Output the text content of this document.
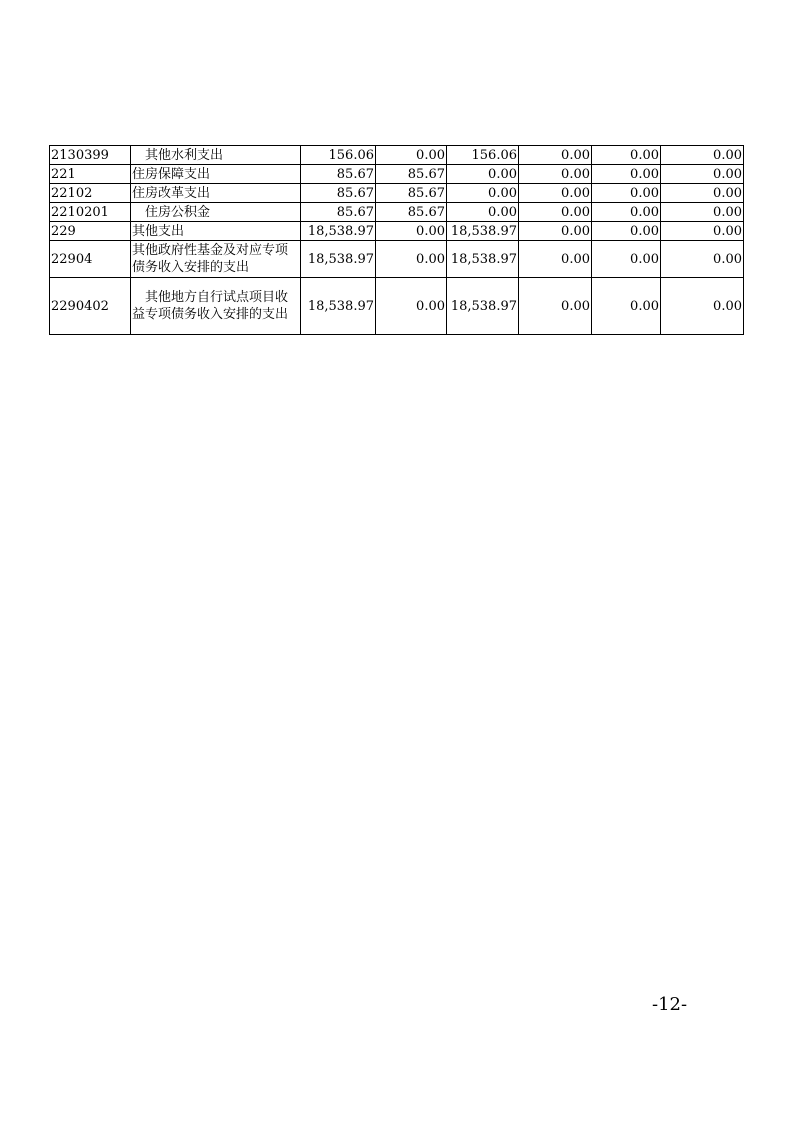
2130399	　其他水利支出	156.06	0.00	156.06	0.00	0.00	0.00
221	住房保障支出	85.67	85.67	0.00	0.00	0.00	0.00
22102	住房改革支出	85.67	85.67	0.00	0.00	0.00	0.00
2210201	　住房公积金	85.67	85.67	0.00	0.00	0.00	0.00
229	其他支出	18,538.97	0.00	18,538.97	0.00	0.00	0.00
22904	其他政府性基金及对应专项债务收入安排的支出	18,538.97	0.00	18,538.97	0.00	0.00	0.00
2290402	　其他地方自行试点项目收益专项债务收入安排的支出	18,538.97	0.00	18,538.97	0.00	0.00	0.00
-12-
